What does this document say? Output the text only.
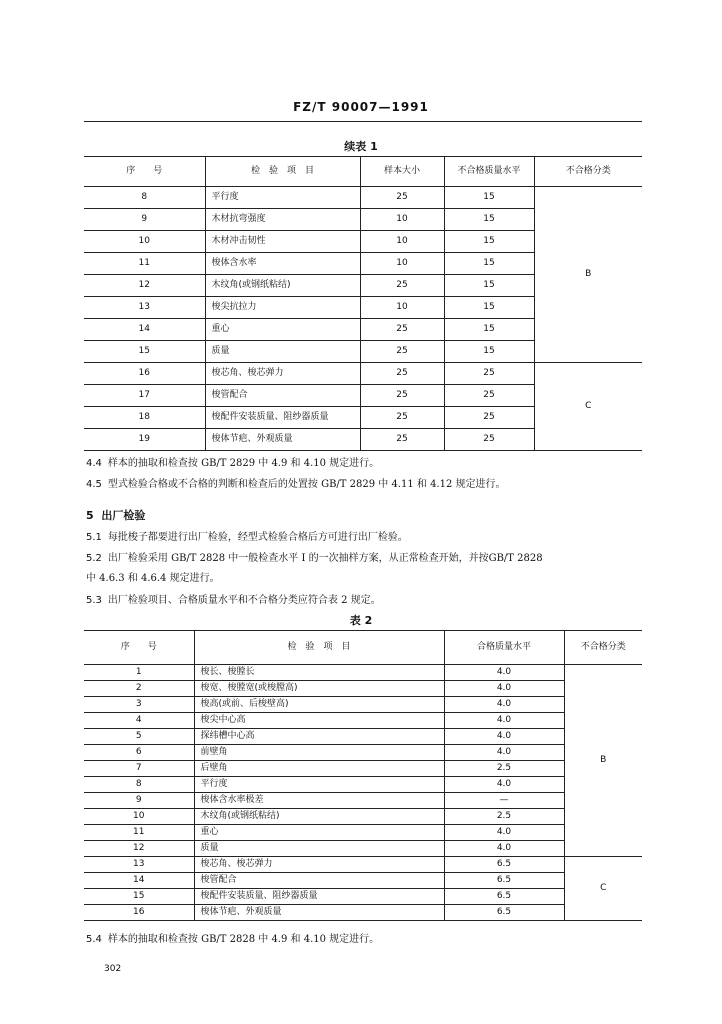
FZ/T 90007—1991
续表 1
序　　号	检　验　项　目	样本大小	不合格质量水平	不合格分类
8	平行度	25	15	B
9	木材抗弯强度	10	15	
10	木材冲击韧性	10	15	
11	梭体含水率	10	15	
12	木纹角(或钢纸粘结)	25	15	
13	梭尖抗拉力	10	15	
14	重心	25	15	
15	质量	25	15	
16	梭芯角、梭芯弹力	25	25	C
17	梭管配合	25	25	
18	梭配件安装质量、阻纱器质量	25	25	
19	梭体节疤、外观质量	25	25	
4.4 样本的抽取和检查按 GB/T 2829 中 4.9 和 4.10 规定进行。
4.5 型式检验合格或不合格的判断和检查后的处置按 GB/T 2829 中 4.11 和 4.12 规定进行。
5 出厂检验
5.1 每批梭子都要进行出厂检验，经型式检验合格后方可进行出厂检验。
5.2 出厂检验采用 GB/T 2828 中一般检查水平 I 的一次抽样方案，从正常检查开始，并按GB/T 2828
中 4.6.3 和 4.6.4 规定进行。
5.3 出厂检验项目、合格质量水平和不合格分类应符合表 2 规定。
表 2
序　　号	检　验　项　目	合格质量水平	不合格分类
1	梭长、梭膛长	4.0	B
2	梭宽、梭膛宽(或梭膛高)	4.0	
3	梭高(或前、后梭壁高)	4.0	
4	梭尖中心高	4.0	
5	探纬槽中心高	4.0	
6	前壁角	4.0	
7	后壁角	2.5	
8	平行度	4.0	
9	梭体含水率极差	—	
10	木纹角(或钢纸粘结)	2.5	
11	重心	4.0	
12	质量	4.0	
13	梭芯角、梭芯弹力	6.5	C
14	梭管配合	6.5	
15	梭配件安装质量、阻纱器质量	6.5	
16	梭体节疤、外观质量	6.5	
5.4 样本的抽取和检查按 GB/T 2828 中 4.9 和 4.10 规定进行。
302
